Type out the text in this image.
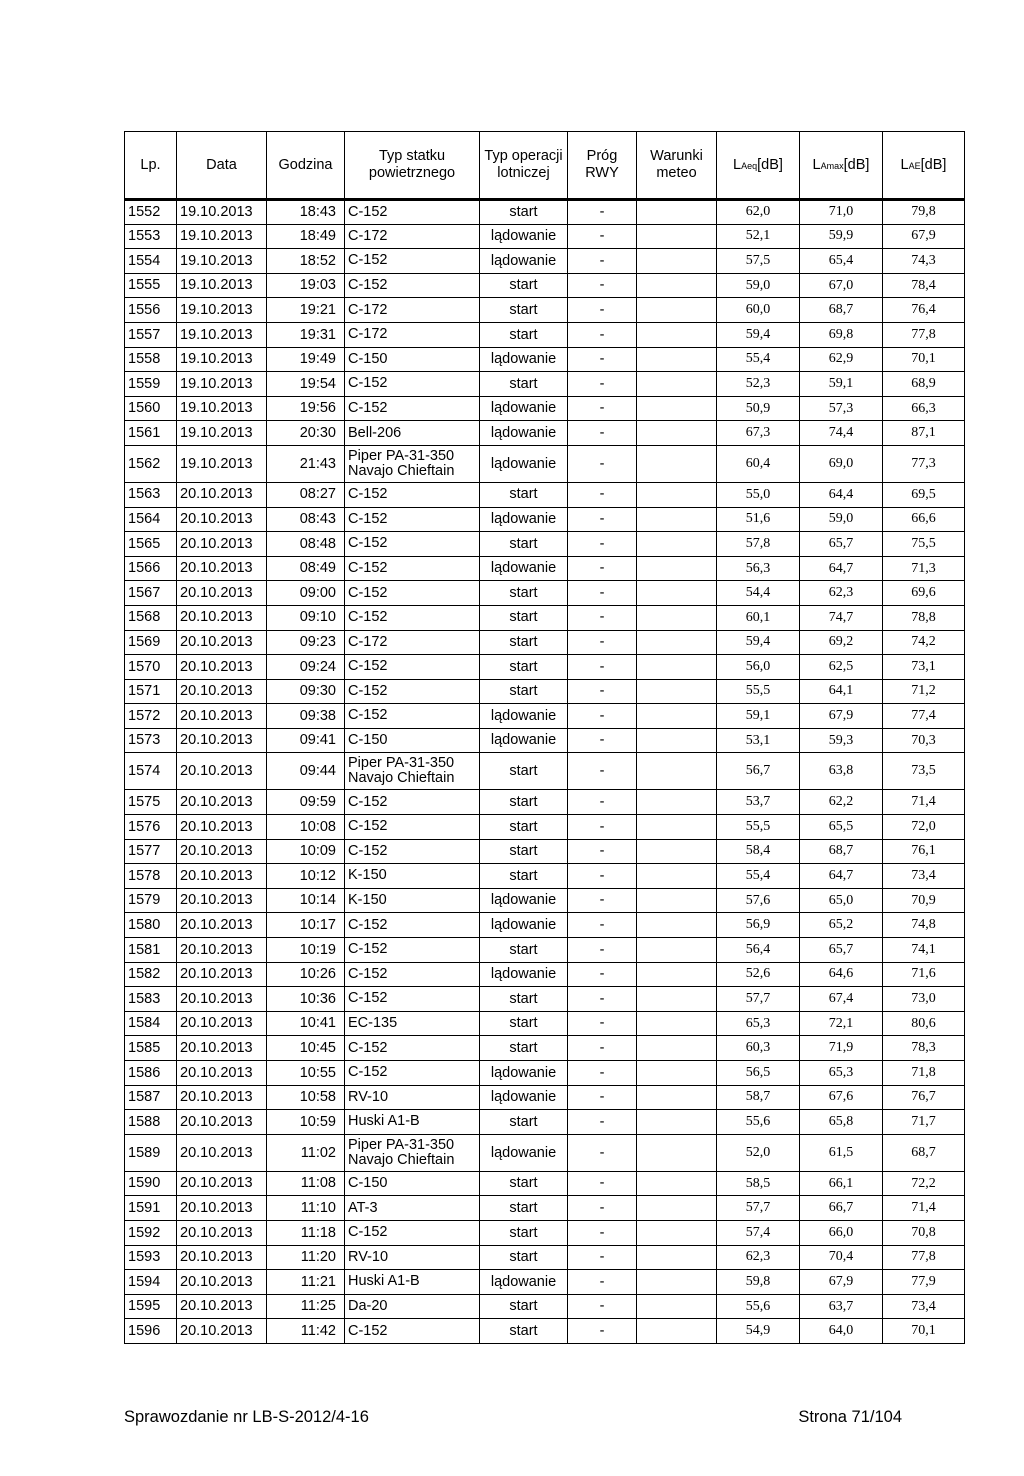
Lp.	Data	Godzina	Typ statku powietrznego	Typ operacji lotniczej	Próg RWY	Warunki meteo	LAeq[dB]	LAmax[dB]	LAE[dB]
1552	19.10.2013	18:43	C-152	start	-		62,0	71,0	79,8
1553	19.10.2013	18:49	C-172	lądowanie	-		52,1	59,9	67,9
1554	19.10.2013	18:52	C-152	lądowanie	-		57,5	65,4	74,3
1555	19.10.2013	19:03	C-152	start	-		59,0	67,0	78,4
1556	19.10.2013	19:21	C-172	start	-		60,0	68,7	76,4
1557	19.10.2013	19:31	C-172	start	-		59,4	69,8	77,8
1558	19.10.2013	19:49	C-150	lądowanie	-		55,4	62,9	70,1
1559	19.10.2013	19:54	C-152	start	-		52,3	59,1	68,9
1560	19.10.2013	19:56	C-152	lądowanie	-		50,9	57,3	66,3
1561	19.10.2013	20:30	Bell-206	lądowanie	-		67,3	74,4	87,1
1562	19.10.2013	21:43	Piper PA-31-350 Navajo Chieftain	lądowanie	-		60,4	69,0	77,3
1563	20.10.2013	08:27	C-152	start	-		55,0	64,4	69,5
1564	20.10.2013	08:43	C-152	lądowanie	-		51,6	59,0	66,6
1565	20.10.2013	08:48	C-152	start	-		57,8	65,7	75,5
1566	20.10.2013	08:49	C-152	lądowanie	-		56,3	64,7	71,3
1567	20.10.2013	09:00	C-152	start	-		54,4	62,3	69,6
1568	20.10.2013	09:10	C-152	start	-		60,1	74,7	78,8
1569	20.10.2013	09:23	C-172	start	-		59,4	69,2	74,2
1570	20.10.2013	09:24	C-152	start	-		56,0	62,5	73,1
1571	20.10.2013	09:30	C-152	start	-		55,5	64,1	71,2
1572	20.10.2013	09:38	C-152	lądowanie	-		59,1	67,9	77,4
1573	20.10.2013	09:41	C-150	lądowanie	-		53,1	59,3	70,3
1574	20.10.2013	09:44	Piper PA-31-350 Navajo Chieftain	start	-		56,7	63,8	73,5
1575	20.10.2013	09:59	C-152	start	-		53,7	62,2	71,4
1576	20.10.2013	10:08	C-152	start	-		55,5	65,5	72,0
1577	20.10.2013	10:09	C-152	start	-		58,4	68,7	76,1
1578	20.10.2013	10:12	K-150	start	-		55,4	64,7	73,4
1579	20.10.2013	10:14	K-150	lądowanie	-		57,6	65,0	70,9
1580	20.10.2013	10:17	C-152	lądowanie	-		56,9	65,2	74,8
1581	20.10.2013	10:19	C-152	start	-		56,4	65,7	74,1
1582	20.10.2013	10:26	C-152	lądowanie	-		52,6	64,6	71,6
1583	20.10.2013	10:36	C-152	start	-		57,7	67,4	73,0
1584	20.10.2013	10:41	EC-135	start	-		65,3	72,1	80,6
1585	20.10.2013	10:45	C-152	start	-		60,3	71,9	78,3
1586	20.10.2013	10:55	C-152	lądowanie	-		56,5	65,3	71,8
1587	20.10.2013	10:58	RV-10	lądowanie	-		58,7	67,6	76,7
1588	20.10.2013	10:59	Huski A1-B	start	-		55,6	65,8	71,7
1589	20.10.2013	11:02	Piper PA-31-350 Navajo Chieftain	lądowanie	-		52,0	61,5	68,7
1590	20.10.2013	11:08	C-150	start	-		58,5	66,1	72,2
1591	20.10.2013	11:10	AT-3	start	-		57,7	66,7	71,4
1592	20.10.2013	11:18	C-152	start	-		57,4	66,0	70,8
1593	20.10.2013	11:20	RV-10	start	-		62,3	70,4	77,8
1594	20.10.2013	11:21	Huski A1-B	lądowanie	-		59,8	67,9	77,9
1595	20.10.2013	11:25	Da-20	start	-		55,6	63,7	73,4
1596	20.10.2013	11:42	C-152	start	-		54,9	64,0	70,1
Sprawozdanie nr LB-S-2012/4-16	Strona 71/104
